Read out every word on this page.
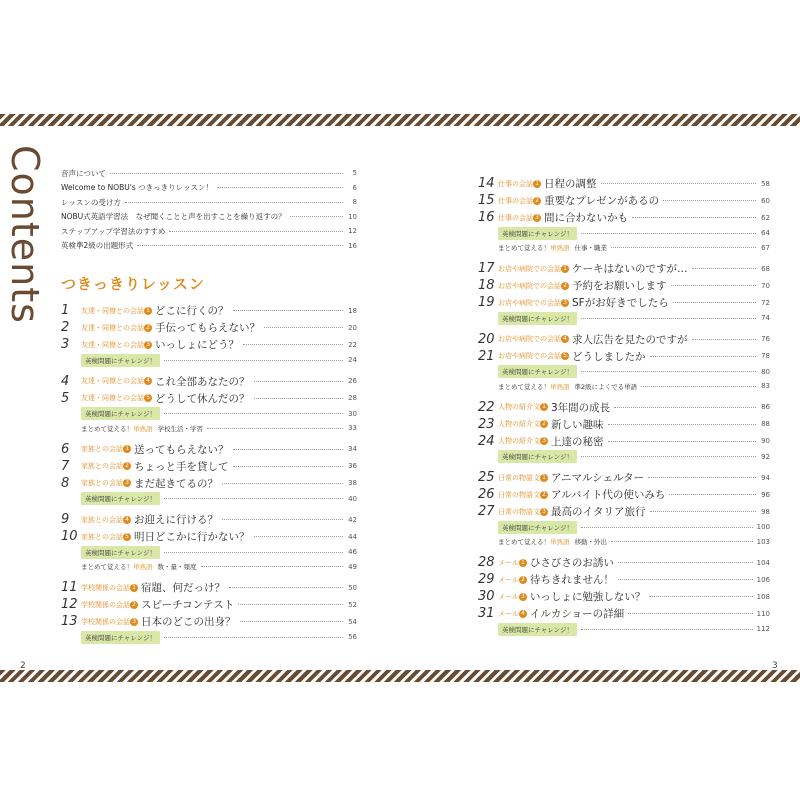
Contents 音声について	5
Welcome to NOBU's つきっきりレッスン！	6
レッスンの受け方	8
NOBU式英語学習法　なぜ聞くことと声を出すことを繰り返すの？	10
ステップアップ学習法のすすめ	12
英検準2級の出題形式	16
つきっきりレッスン
1	友達・同僚との会話 1 どこに行くの？	18
2	友達・同僚との会話 2 手伝ってもらえない？	20
3	友達・同僚との会話 3 いっしょにどう？	22
英検問題にチャレンジ！	24
4	友達・同僚との会話 4 これ全部あなたの？	26
5	友達・同僚との会話 5 どうして休んだの？	28
英検問題にチャレンジ！	30
まとめて覚える！単熟語 学校生活・学習	33
6	家族との会話 1 送ってもらえない？	34
7	家族との会話 2 ちょっと手を貸して	36
8	家族との会話 3 まだ起きてるの？	38
英検問題にチャレンジ！	40
9	家族との会話 4 お迎えに行ける？	42
10 家族との会話 5 明日どこかに行かない？	44
英検問題にチャレンジ！	46
まとめて覚える！単熟語 数・量・頻度	49
11 学校関係の会話 1 宿題、何だっけ？	50
12 学校関係の会話 2 スピーチコンテスト	52
13 学校関係の会話 3 日本のどこの出身？	54
英検問題にチャレンジ！	56
14 仕事の会話 1 日程の調整	58
15 仕事の会話 2 重要なプレゼンがあるの	60
16 仕事の会話 3 間に合わないかも	62
英検問題にチャレンジ！	64
まとめて覚える！単熟語 仕事・職業	67
17 お店や病院での会話 1 ケーキはないのですが…	68
18 お店や病院での会話 2 予約をお願いします	70
19 お店や病院での会話 3 SFがお好きでしたら	72
英検問題にチャレンジ！	74
20 お店や病院での会話 4 求人広告を見たのですが	76
21 お店や病院での会話 5 どうしましたか	78
英検問題にチャレンジ！	80
まとめて覚える！単熟語 準2級によくでる単語	83
22 人物の紹介文 1 3年間の成長	86
23 人物の紹介文 2 新しい趣味	88
24 人物の紹介文 3 上達の秘密	90
英検問題にチャレンジ！	92
25 日常の物語文 1 アニマルシェルター	94
26 日常の物語文 2 アルバイト代の使いみち	96
27 日常の物語文 3 最高のイタリア旅行	98
英検問題にチャレンジ！	100
まとめて覚える！単熟語 移動・外出	103
28 メール 1 ひさびさのお誘い	104
29 メール 2 待ちきれません！	106
30 メール 3 いっしょに勉強しない？	108
31 メール 4 イルカショーの詳細	110
英検問題にチャレンジ！	112
2	3
